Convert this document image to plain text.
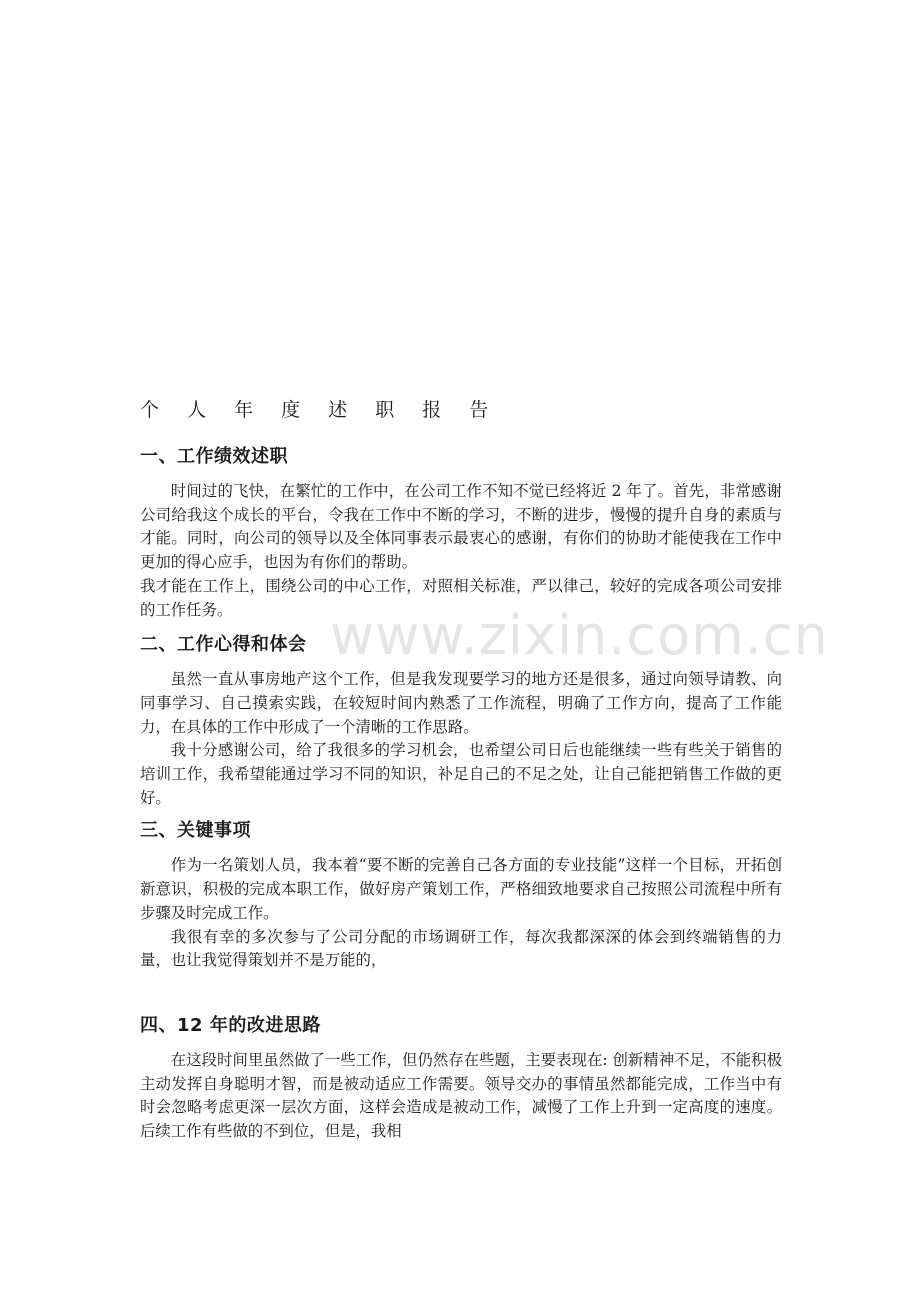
www.zixin.com.cn
个 人 年 度 述 职 报 告
一、工作绩效述职

时间过的飞快，在繁忙的工作中，在公司工作不知不觉已经将近 2 年了。首先，非常感谢公司给我这个成长的平台，令我在工作中不断的学习，不断的进步，慢慢的提升自身的素质与才能。同时，向公司的领导以及全体同事表示最衷心的感谢，有你们的协助才能使我在工作中更加的得心应手，也因为有你们的帮助。

我才能在工作上，围绕公司的中心工作，对照相关标准，严以律己，较好的完成各项公司安排的工作任务。

二、工作心得和体会

虽然一直从事房地产这个工作，但是我发现要学习的地方还是很多，通过向领导请教、向同事学习、自己摸索实践，在较短时间内熟悉了工作流程，明确了工作方向，提高了工作能力，在具体的工作中形成了一个清晰的工作思路。

我十分感谢公司，给了我很多的学习机会，也希望公司日后也能继续一些有些关于销售的培训工作，我希望能通过学习不同的知识，补足自己的不足之处，让自己能把销售工作做的更好。

三、关键事项

作为一名策划人员，我本着“要不断的完善自己各方面的专业技能”这样一个目标，开拓创新意识，积极的完成本职工作，做好房产策划工作，严格细致地要求自己按照公司流程中所有步骤及时完成工作。

我很有幸的多次参与了公司分配的市场调研工作，每次我都深深的体会到终端销售的力量，也让我觉得策划并不是万能的，

四、12 年的改进思路

在这段时间里虽然做了一些工作，但仍然存在些题，主要表现在: 创新精神不足，不能积极主动发挥自身聪明才智，而是被动适应工作需要。领导交办的事情虽然都能完成，工作当中有时会忽略考虑更深一层次方面，这样会造成是被动工作，减慢了工作上升到一定高度的速度。后续工作有些做的不到位，但是，我相
